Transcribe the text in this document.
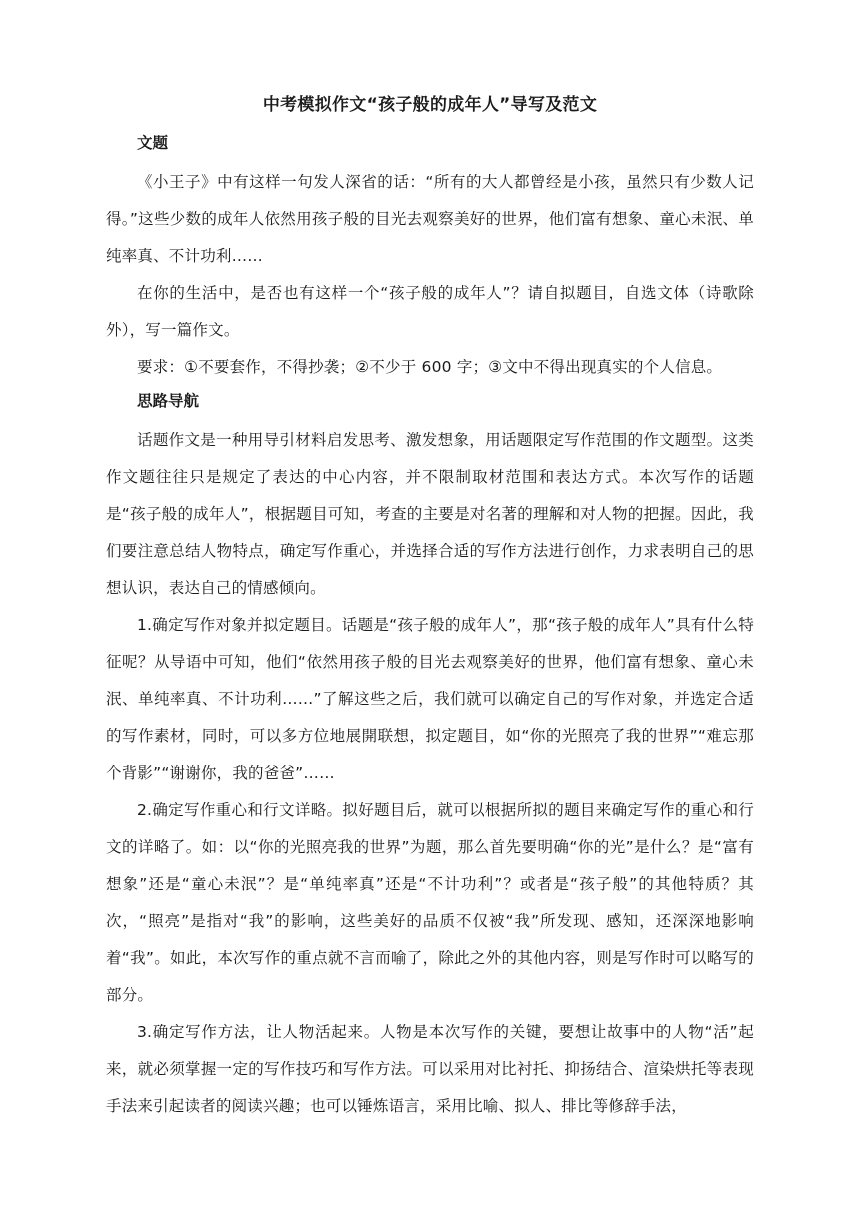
中考模拟作文“孩子般的成年人”导写及范文
文题

《小王子》中有这样一句发人深省的话：“所有的大人都曾经是小孩，虽然只有少数人记得。”这些少数的成年人依然用孩子般的目光去观察美好的世界，他们富有想象、童心未泯、单纯率真、不计功利……

在你的生活中，是否也有这样一个“孩子般的成年人”？请自拟题目，自选文体（诗歌除外），写一篇作文。

要求：①不要套作，不得抄袭；②不少于 600 字；③文中不得出现真实的个人信息。

思路导航

话题作文是一种用导引材料启发思考、激发想象，用话题限定写作范围的作文题型。这类作文题往往只是规定了表达的中心内容，并不限制取材范围和表达方式。本次写作的话题是“孩子般的成年人”，根据题目可知，考查的主要是对名著的理解和对人物的把握。因此，我们要注意总结人物特点，确定写作重心，并选择合适的写作方法进行创作，力求表明自己的思想认识，表达自己的情感倾向。

1.确定写作对象并拟定题目。话题是“孩子般的成年人”，那“孩子般的成年人”具有什么特征呢？从导语中可知，他们“依然用孩子般的目光去观察美好的世界，他们富有想象、童心未泯、单纯率真、不计功利……”了解这些之后，我们就可以确定自己的写作对象，并选定合适的写作素材，同时，可以多方位地展開联想，拟定题目，如“你的光照亮了我的世界”“难忘那个背影”“谢谢你，我的爸爸”……

2.确定写作重心和行文详略。拟好题目后，就可以根据所拟的题目来确定写作的重心和行文的详略了。如：以“你的光照亮我的世界”为题，那么首先要明确“你的光”是什么？是“富有想象”还是“童心未泯”？是“单纯率真”还是“不计功利”？或者是“孩子般”的其他特质？其次，“照亮”是指对“我”的影响，这些美好的品质不仅被“我”所发现、感知，还深深地影响着“我”。如此，本次写作的重点就不言而喻了，除此之外的其他内容，则是写作时可以略写的部分。

3.确定写作方法，让人物活起来。人物是本次写作的关键，要想让故事中的人物“活”起来，就必须掌握一定的写作技巧和写作方法。可以采用对比衬托、抑扬结合、渲染烘托等表现手法来引起读者的阅读兴趣；也可以锤炼语言，采用比喻、拟人、排比等修辞手法，
